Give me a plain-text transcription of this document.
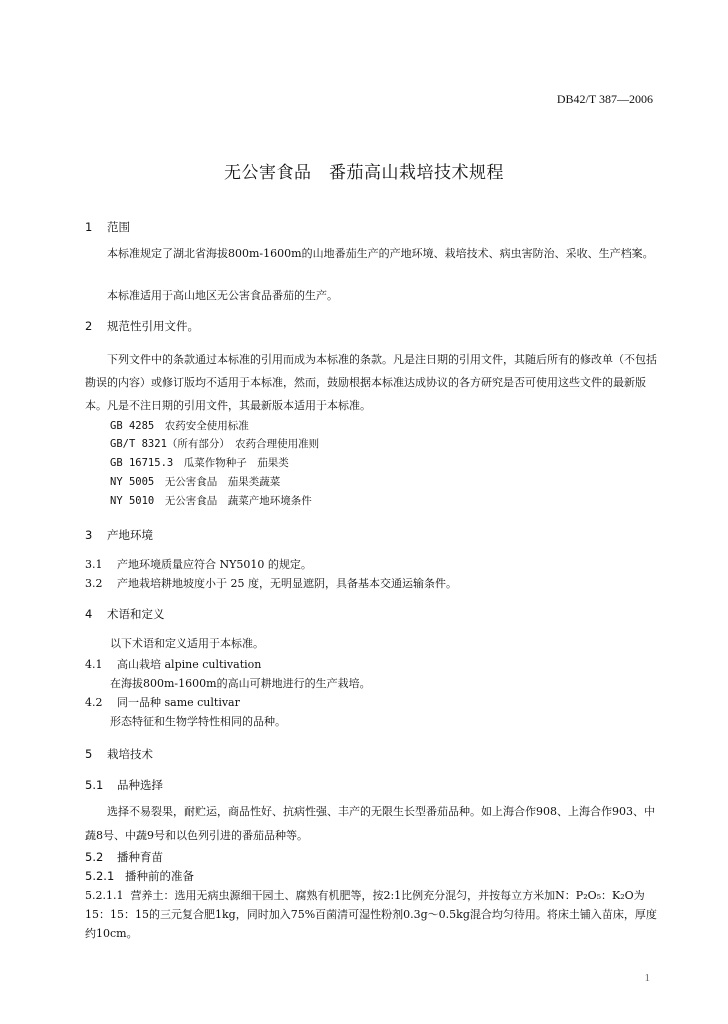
DB42/T 387—2006
无公害食品　番茄高山栽培技术规程
1 范围
本标准规定了湖北省海拔800m-1600m的山地番茄生产的产地环境、栽培技术、病虫害防治、采收、生产档案。
本标准适用于高山地区无公害食品番茄的生产。
2 规范性引用文件。
下列文件中的条款通过本标准的引用而成为本标准的条款。凡是注日期的引用文件，其随后所有的修改单（不包括勘误的内容）或修订版均不适用于本标准，然而，鼓励根据本标准达成协议的各方研究是否可使用这些文件的最新版本。凡是不注日期的引用文件，其最新版本适用于本标准。
GB 4285　农药安全使用标准
GB/T 8321（所有部分）　农药合理使用准则
GB 16715.3　瓜菜作物种子　茄果类
NY 5005　无公害食品　茄果类蔬菜
NY 5010　无公害食品　蔬菜产地环境条件
3 产地环境
3.1 产地环境质量应符合 NY5010 的规定。
3.2 产地栽培耕地坡度小于 25 度，无明显遮阴，具备基本交通运输条件。
4 术语和定义
以下术语和定义适用于本标准。
4.1 高山栽培 alpine cultivation
在海拔800m-1600m的高山可耕地进行的生产栽培。
4.2 同一品种 same cultivar
形态特征和生物学特性相同的品种。
5 栽培技术
5.1 品种选择
选择不易裂果，耐贮运，商品性好、抗病性强、丰产的无限生长型番茄品种。如上海合作908、上海合作903、中蔬8号、中蔬9号和以色列引进的番茄品种等。
5.2 播种育苗
5.2.1 播种前的准备
5.2.1.1 营养土：选用无病虫源细干园土、腐熟有机肥等，按2:1比例充分混匀，并按每立方米加N：P₂O₅：K₂O为15：15：15的三元复合肥1kg，同时加入75%百菌清可湿性粉剂0.3g～0.5kg混合均匀待用。将床土铺入苗床，厚度约10cm。
1
